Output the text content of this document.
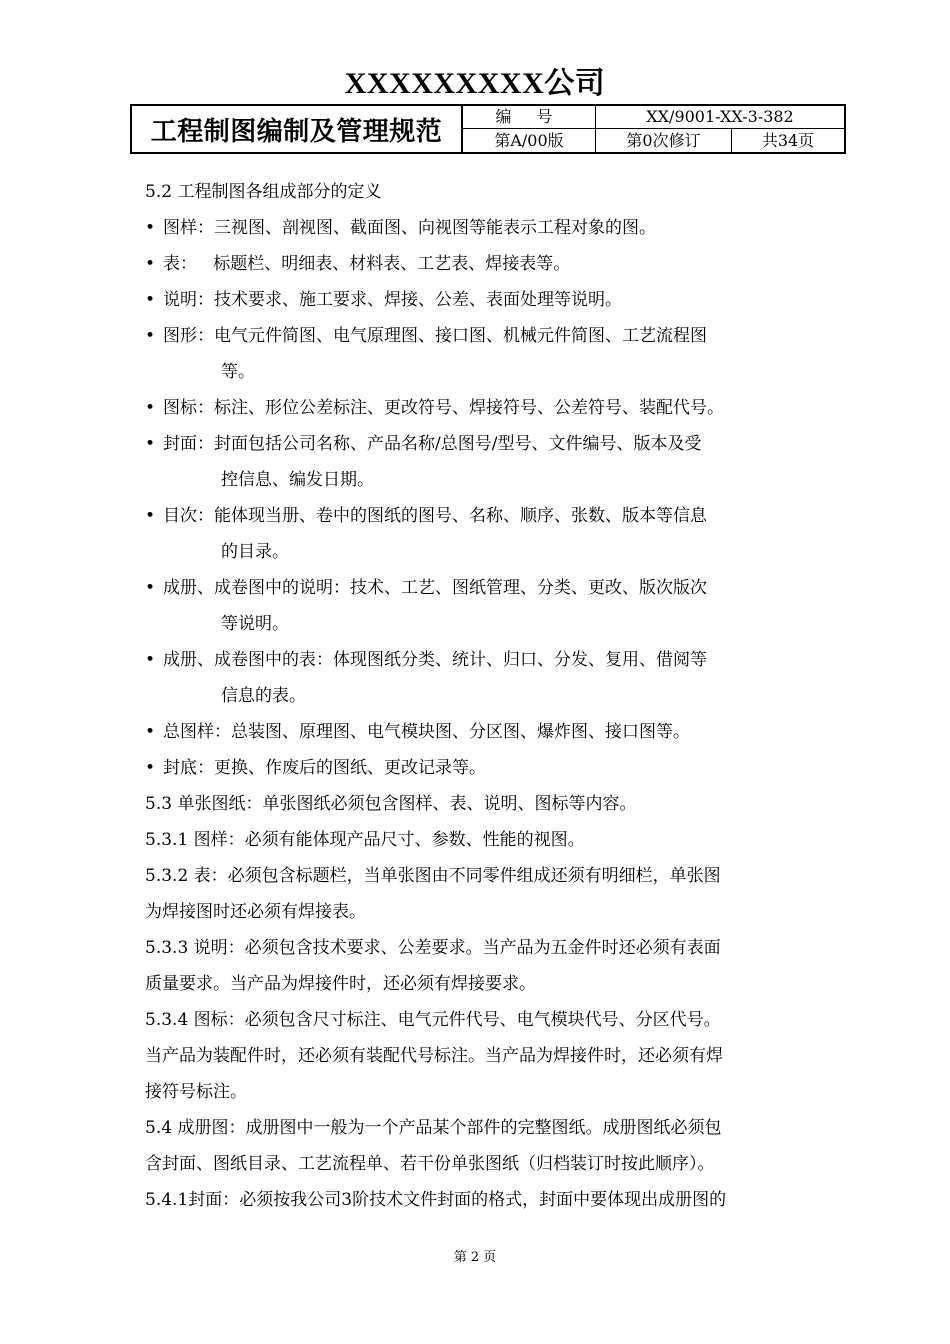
XXXXXXXXX公司
工程制图编制及管理规范	编 号	XX/9001-XX-3-382
第A/00版	第0次修订	共34页
5.2 工程制图各组成部分的定义
• 图样：三视图、剖视图、截面图、向视图等能表示工程对象的图。
• 表：   标题栏、明细表、材料表、工艺表、焊接表等。
• 说明：技术要求、施工要求、焊接、公差、表面处理等说明。
• 图形：电气元件简图、电气原理图、接口图、机械元件简图、工艺流程图
等。
• 图标：标注、形位公差标注、更改符号、焊接符号、公差符号、装配代号。
• 封面：封面包括公司名称、产品名称/总图号/型号、文件编号、版本及受
控信息、编发日期。
• 目次：能体现当册、卷中的图纸的图号、名称、顺序、张数、版本等信息
的目录。
• 成册、成卷图中的说明：技术、工艺、图纸管理、分类、更改、版次版次
等说明。
• 成册、成卷图中的表：体现图纸分类、统计、归口、分发、复用、借阅等
信息的表。
• 总图样：总装图、原理图、电气模块图、分区图、爆炸图、接口图等。
• 封底：更换、作废后的图纸、更改记录等。
5.3 单张图纸：单张图纸必须包含图样、表、说明、图标等内容。
5.3.1 图样：必须有能体现产品尺寸、参数、性能的视图。
5.3.2 表：必须包含标题栏，当单张图由不同零件组成还须有明细栏，单张图
为焊接图时还必须有焊接表。
5.3.3 说明：必须包含技术要求、公差要求。当产品为五金件时还必须有表面
质量要求。当产品为焊接件时，还必须有焊接要求。
5.3.4 图标：必须包含尺寸标注、电气元件代号、电气模块代号、分区代号。
当产品为装配件时，还必须有装配代号标注。当产品为焊接件时，还必须有焊
接符号标注。
5.4 成册图：成册图中一般为一个产品某个部件的完整图纸。成册图纸必须包
含封面、图纸目录、工艺流程单、若干份单张图纸（归档装订时按此顺序）。
5.4.1封面：必须按我公司3阶技术文件封面的格式，封面中要体现出成册图的
第 2 页
